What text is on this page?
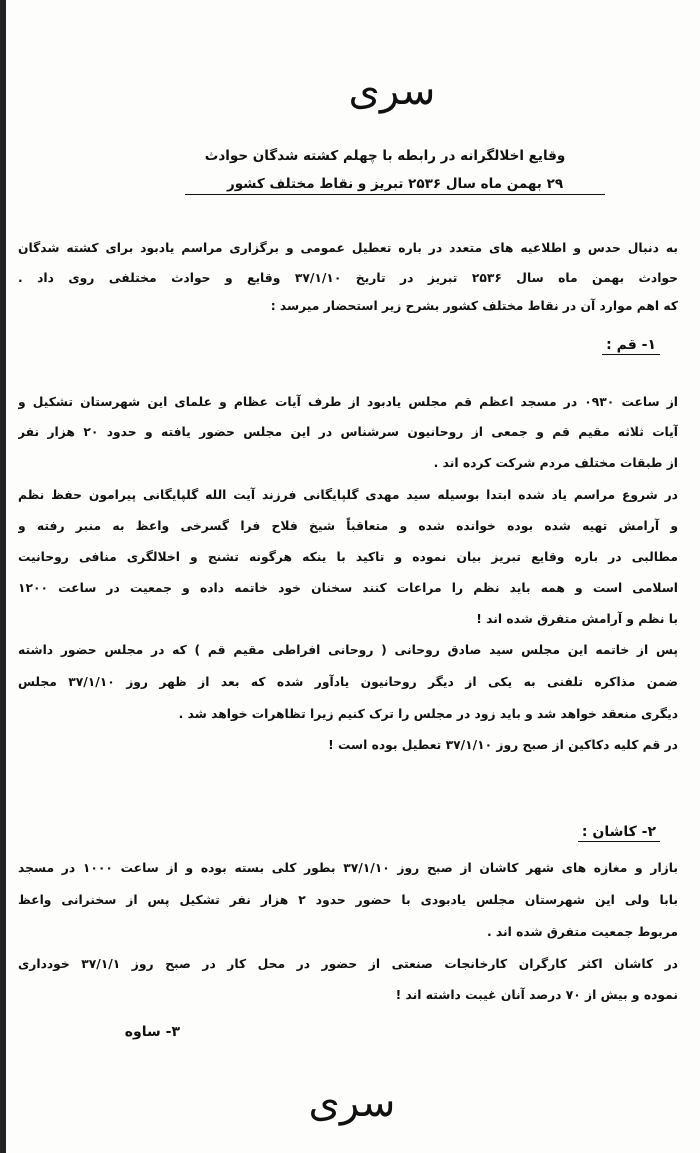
سری
وقایع اخلالگرانه در رابطه با چهلم کشته شدگان حوادث
۲۹ بهمن ماه سال ۲۵۳۶ تبریز و نقاط مختلف کشور
به دنبال حدس و اطلاعیه های متعدد در باره تعطیل عمومی و برگزاری مراسم یادبود برای کشته شدگان
حوادث بهمن ماه سال ۲۵۳۶ تبریز در تاریخ ۳۷/۱/۱۰ وقایع و حوادث مختلفی روی داد .
که اهم موارد آن در نقاط مختلف کشور بشرح زیر استحضار میرسد :
۱- قم :
از ساعت ۰۹۳۰ در مسجد اعظم قم مجلس یادبود از طرف آیات عظام و علمای این شهرستان تشکیل و
آیات ثلاثه مقیم قم و جمعی از روحانیون سرشناس در این مجلس حضور یافته و حدود ۲۰ هزار نفر
از طبقات مختلف مردم شرکت کرده اند .
در شروع مراسم یاد شده ابتدا بوسیله سید مهدی گلپایگانی فرزند آیت الله گلپایگانی پیرامون حفظ نظم
و آرامش تهیه شده بوده خوانده شده و متعاقباً شیخ فلاح فرا گسرخی واعظ به منبر رفته و
مطالبی در باره وقایع تبریز بیان نموده و تاکید با ینکه هرگونه تشنج و اخلالگری منافی روحانیت
اسلامی است و همه باید نظم را مراعات کنند سخنان خود خاتمه داده و جمعیت در ساعت ۱۲۰۰
با نظم و آرامش متفرق شده اند !
پس از خاتمه این مجلس سید صادق روحانی ( روحانی افراطی مقیم قم ) که در مجلس حضور داشته
ضمن مذاکره تلفنی به یکی از دیگر روحانیون یادآور شده که بعد از ظهر روز ۳۷/۱/۱۰ مجلس
دیگری منعقد خواهد شد و باید زود در مجلس را ترک کنیم زیرا تظاهرات خواهد شد .
در قم کلیه دکاکین از صبح روز ۳۷/۱/۱۰ تعطیل بوده است !
۲- کاشان :
بازار و مغازه های شهر کاشان از صبح روز ۳۷/۱/۱۰ بطور کلی بسته بوده و از ساعت ۱۰۰۰ در مسجد
بابا ولی این شهرستان مجلس یادبودی با حضور حدود ۲ هزار نفر تشکیل پس از سخنرانی واعظ
مربوط جمعیت متفرق شده اند .
در کاشان اکثر کارگران کارخانجات صنعتی از حضور در محل کار در صبح روز ۳۷/۱/۱ خودداری
نموده و بیش از ۷۰ درصد آنان غیبت داشته اند !
۳- ساوه
سری
